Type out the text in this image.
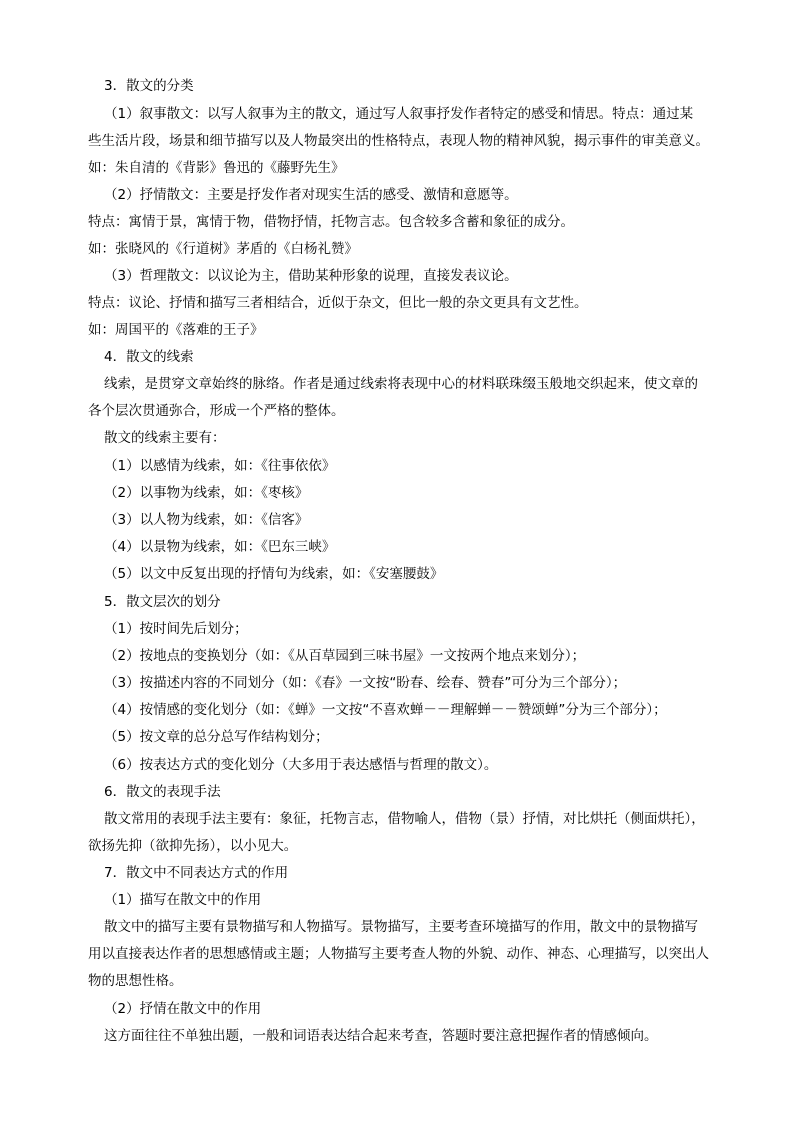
3．散文的分类
（1）叙事散文：以写人叙事为主的散文，通过写人叙事抒发作者特定的感受和情思。特点：通过某
些生活片段，场景和细节描写以及人物最突出的性格特点，表现人物的精神风貌，揭示事件的审美意义。
如：朱自清的《背影》鲁迅的《藤野先生》
（2）抒情散文：主要是抒发作者对现实生活的感受、激情和意愿等。
特点：寓情于景，寓情于物，借物抒情，托物言志。包含较多含蓄和象征的成分。
如：张晓风的《行道树》茅盾的《白杨礼赞》
（3）哲理散文：以议论为主，借助某种形象的说理，直接发表议论。
特点：议论、抒情和描写三者相结合，近似于杂文，但比一般的杂文更具有文艺性。
如：周国平的《落难的王子》
4．散文的线索
线索，是贯穿文章始终的脉络。作者是通过线索将表现中心的材料联珠缀玉般地交织起来，使文章的
各个层次贯通弥合，形成一个严格的整体。
散文的线索主要有：
（1）以感情为线索，如：《往事依依》
（2）以事物为线索，如：《枣核》
（3）以人物为线索，如：《信客》
（4）以景物为线索，如：《巴东三峡》
（5）以文中反复出现的抒情句为线索，如：《安塞腰鼓》
5．散文层次的划分
（1）按时间先后划分；
（2）按地点的变换划分（如：《从百草园到三味书屋》一文按两个地点来划分）；
（3）按描述内容的不同划分（如：《春》一文按“盼春、绘春、赞春”可分为三个部分）；
（4）按情感的变化划分（如：《蝉》一文按“不喜欢蝉－－理解蝉－－赞颂蝉”分为三个部分）；
（5）按文章的总分总写作结构划分；
（6）按表达方式的变化划分（大多用于表达感悟与哲理的散文）。
6．散文的表现手法
散文常用的表现手法主要有：象征，托物言志，借物喻人，借物（景）抒情，对比烘托（侧面烘托），
欲扬先抑（欲抑先扬），以小见大。
7．散文中不同表达方式的作用
（1）描写在散文中的作用
散文中的描写主要有景物描写和人物描写。景物描写，主要考查环境描写的作用，散文中的景物描写
用以直接表达作者的思想感情或主题；人物描写主要考查人物的外貌、动作、神态、心理描写，以突出人
物的思想性格。
（2）抒情在散文中的作用
这方面往往不单独出题，一般和词语表达结合起来考查，答题时要注意把握作者的情感倾向。
